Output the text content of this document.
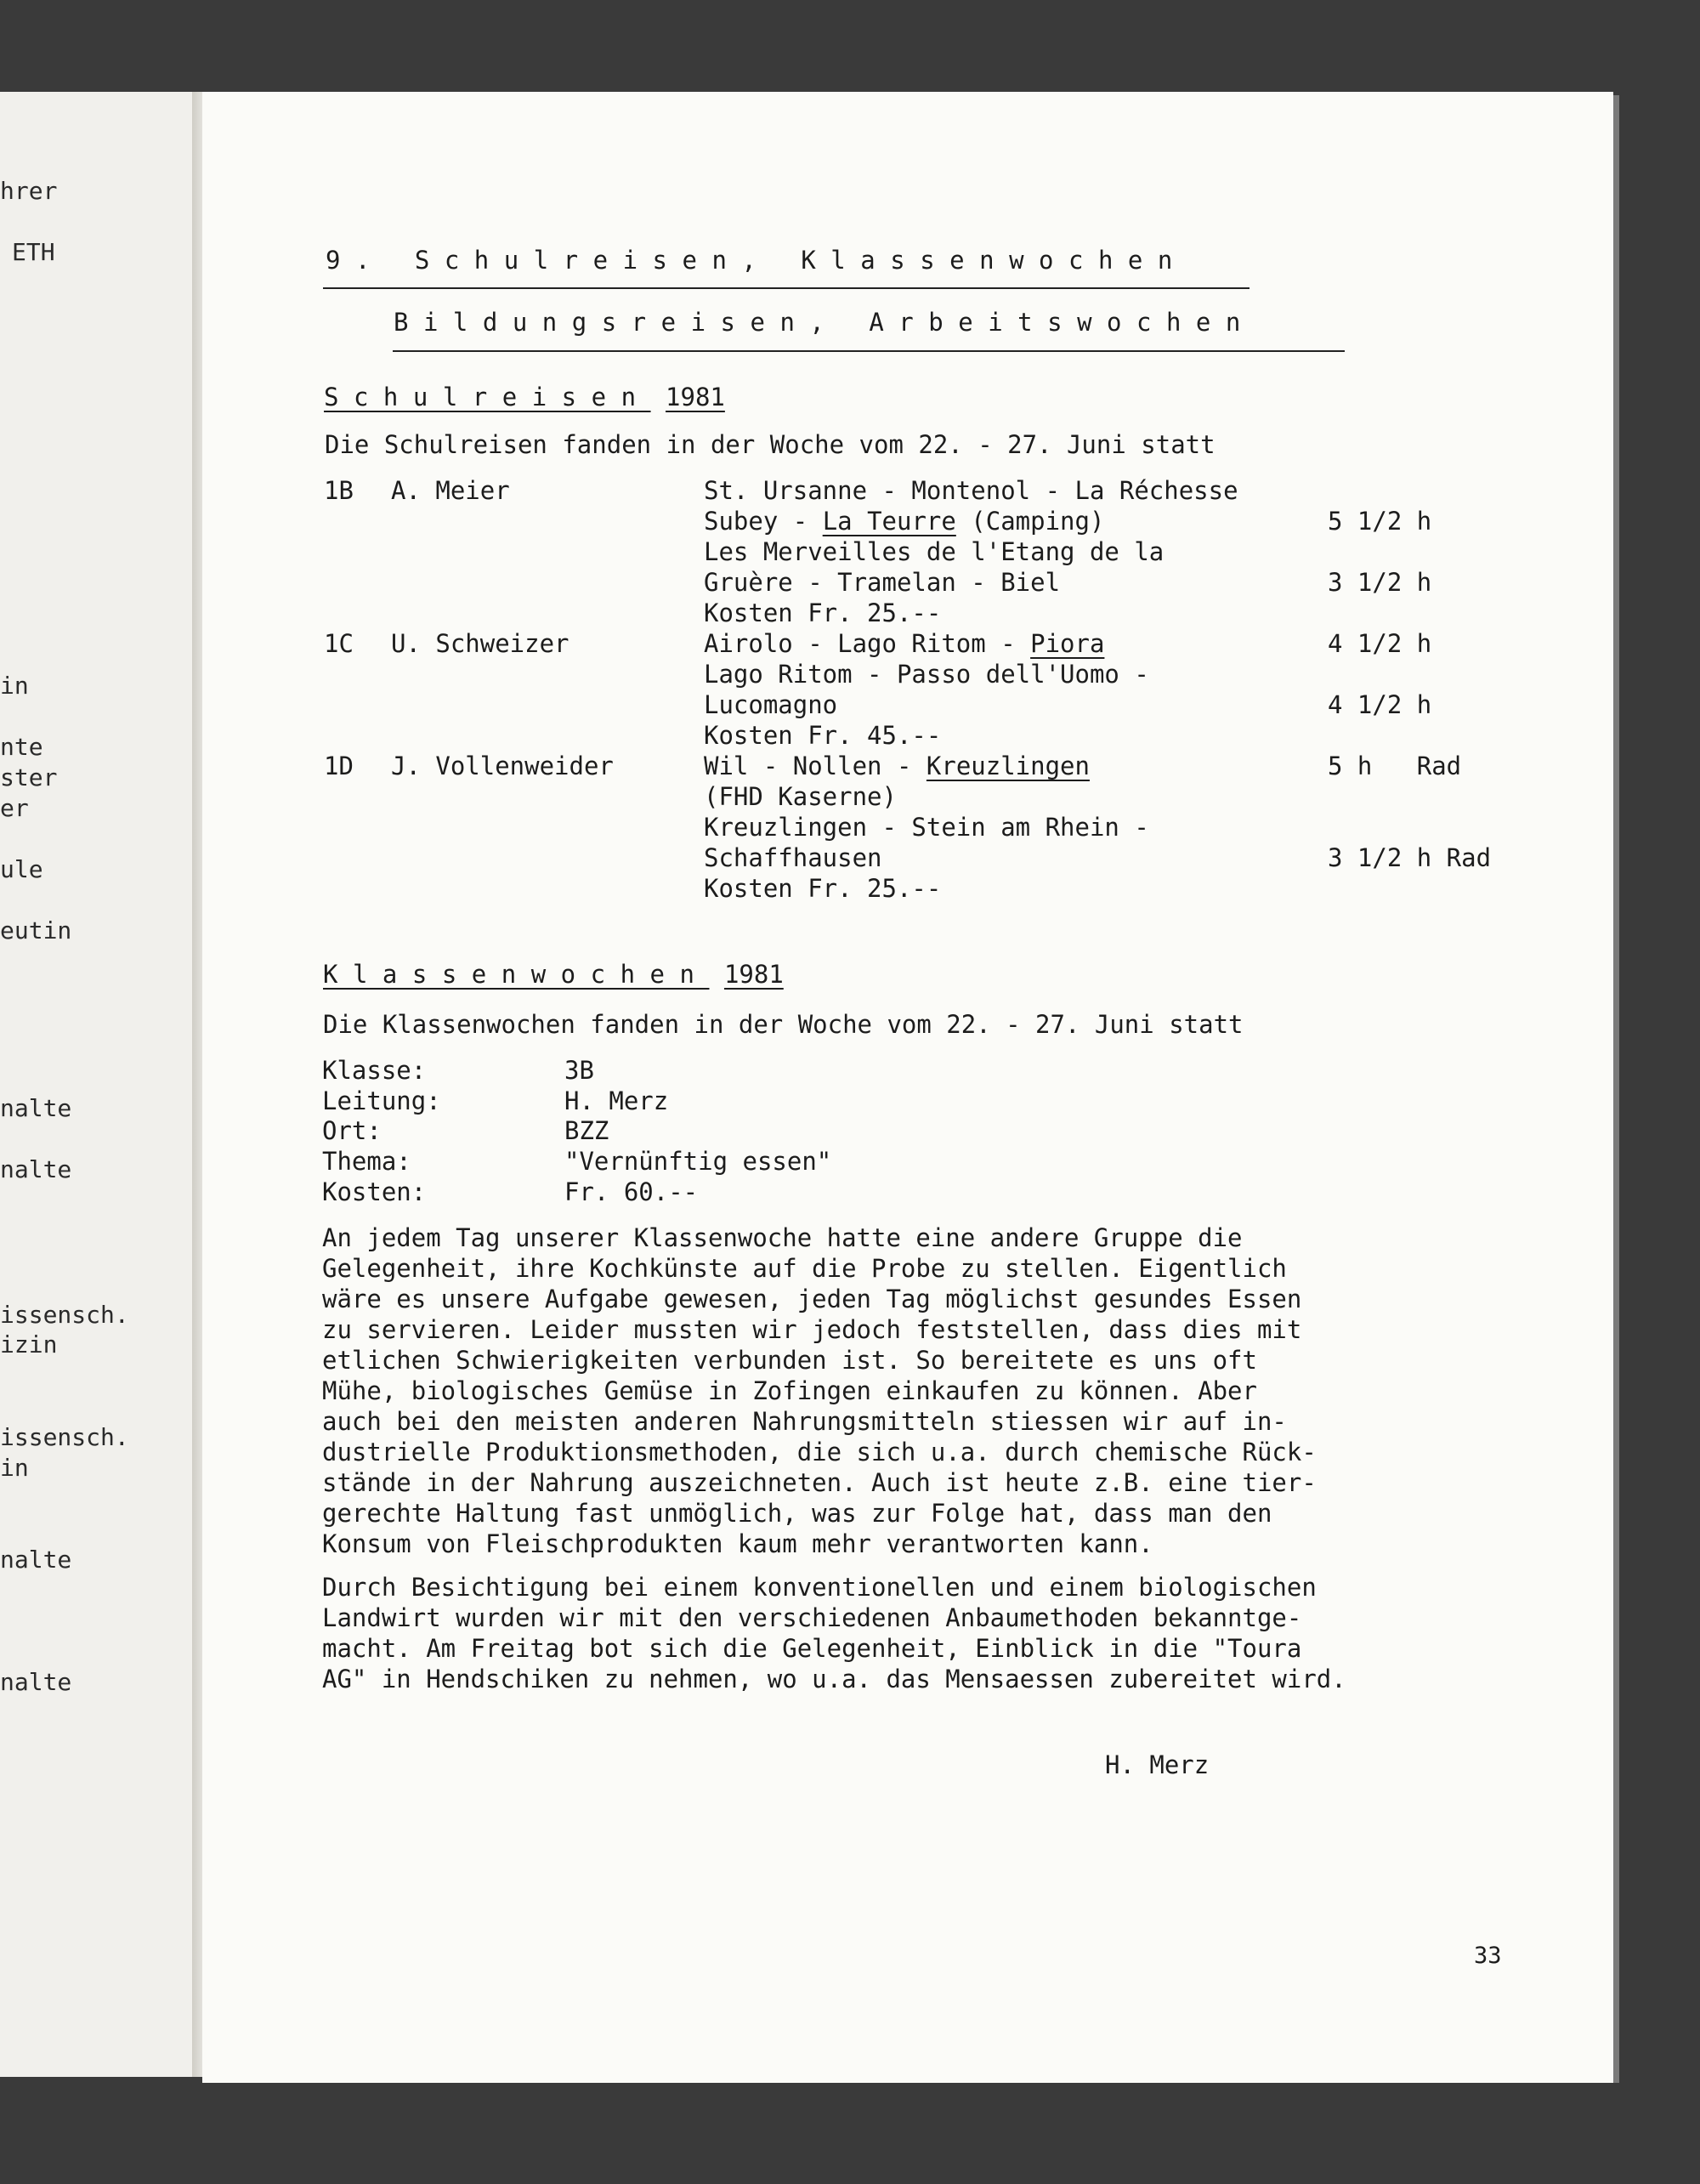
hrer
ETH
in
nte
ster
er
ule
eutin
nalte
nalte
issensch.
izin
issensch.
in
nalte
nalte
9. Schulreisen, Klassenwochen
Bildungsreisen, Arbeitswochen
Schulreisen 1981
Die Schulreisen fanden in der Woche vom 22. - 27. Juni statt
1B A. Meier	St. Ursanne - Montenol - La Réchesse
Subey - La Teurre (Camping)	5 1/2 h
Les Merveilles de l'Etang de la
Gruère - Tramelan - Biel	3 1/2 h
Kosten Fr. 25.--
1C U. Schweizer	Airolo - Lago Ritom - Piora	4 1/2 h
Lago Ritom - Passo dell'Uomo -
Lucomagno	4 1/2 h
Kosten Fr. 45.--
1D J. Vollenweider	Wil - Nollen - Kreuzlingen	5 h   Rad
(FHD Kaserne)
Kreuzlingen - Stein am Rhein -
Schaffhausen	3 1/2 h Rad
Kosten Fr. 25.--
Klassenwochen 1981
Die Klassenwochen fanden in der Woche vom 22. - 27. Juni statt
Klasse:	3B
Leitung:	H. Merz
Ort:	BZZ
Thema:	"Vernünftig essen"
Kosten:	Fr. 60.--
An jedem Tag unserer Klassenwoche hatte eine andere Gruppe die
Gelegenheit, ihre Kochkünste auf die Probe zu stellen. Eigentlich
wäre es unsere Aufgabe gewesen, jeden Tag möglichst gesundes Essen
zu servieren. Leider mussten wir jedoch feststellen, dass dies mit
etlichen Schwierigkeiten verbunden ist. So bereitete es uns oft
Mühe, biologisches Gemüse in Zofingen einkaufen zu können. Aber
auch bei den meisten anderen Nahrungsmitteln stiessen wir auf in-
dustrielle Produktionsmethoden, die sich u.a. durch chemische Rück-
stände in der Nahrung auszeichneten. Auch ist heute z.B. eine tier-
gerechte Haltung fast unmöglich, was zur Folge hat, dass man den
Konsum von Fleischprodukten kaum mehr verantworten kann.
Durch Besichtigung bei einem konventionellen und einem biologischen
Landwirt wurden wir mit den verschiedenen Anbaumethoden bekanntge-
macht. Am Freitag bot sich die Gelegenheit, Einblick in die "Toura
AG" in Hendschiken zu nehmen, wo u.a. das Mensaessen zubereitet wird.
H. Merz
33
